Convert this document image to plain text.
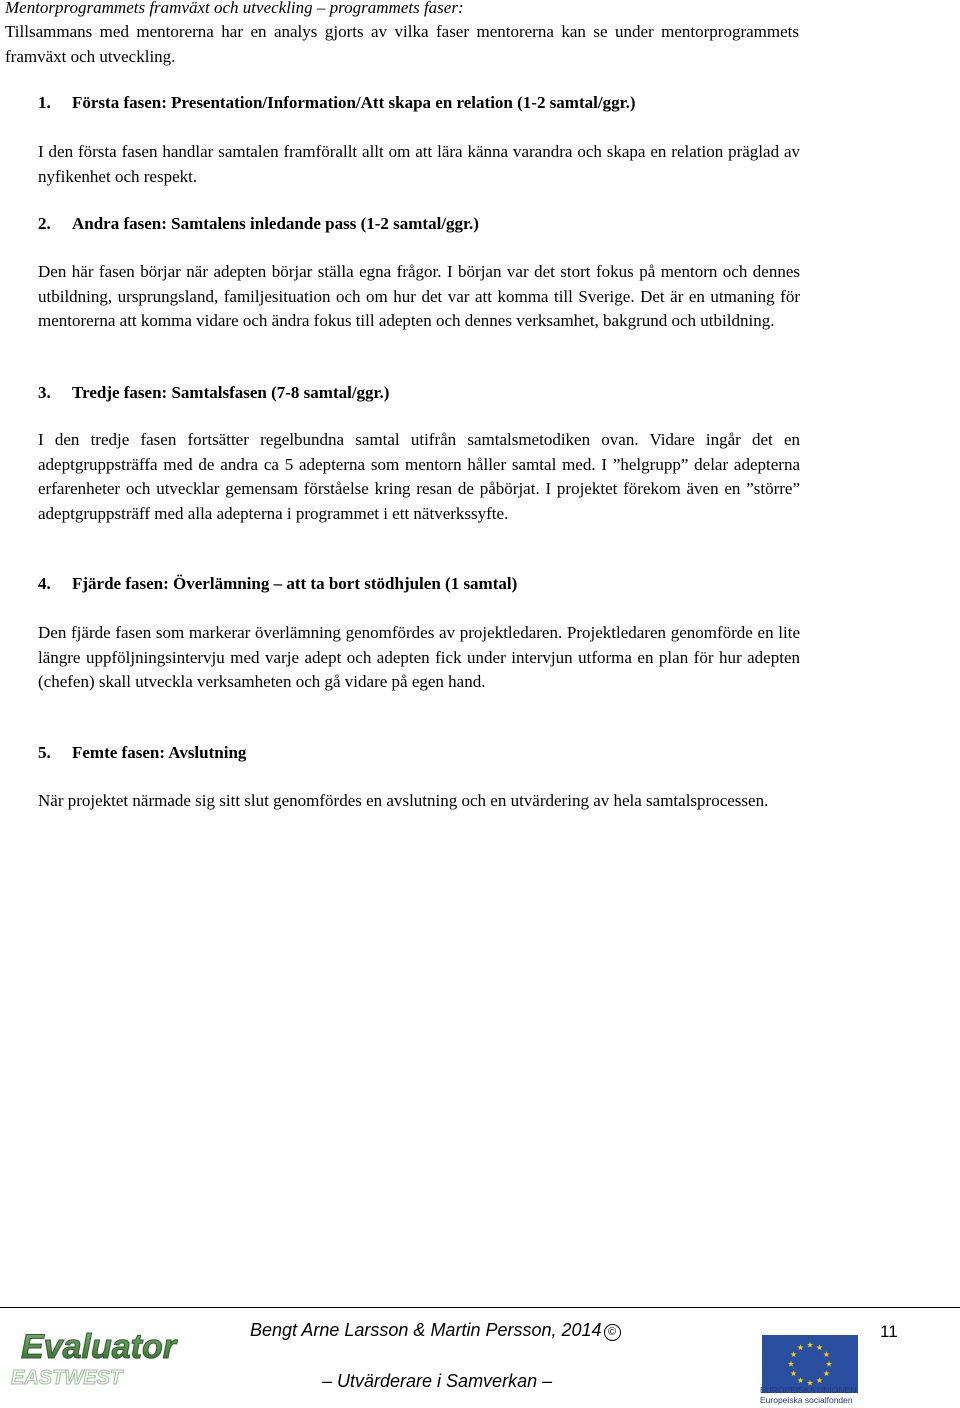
Mentorprogrammets framväxt och utveckling – programmets faser:
Tillsammans med mentorerna har en analys gjorts av vilka faser mentorerna kan se under mentorprogrammets framväxt och utveckling.
1. Första fasen: Presentation/Information/Att skapa en relation (1-2 samtal/ggr.)
I den första fasen handlar samtalen framförallt allt om att lära känna varandra och skapa en relation präglad av nyfikenhet och respekt.
2. Andra fasen: Samtalens inledande pass (1-2 samtal/ggr.)
Den här fasen börjar när adepten börjar ställa egna frågor. I början var det stort fokus på mentorn och dennes utbildning, ursprungsland, familjesituation och om hur det var att komma till Sverige. Det är en utmaning för mentorerna att komma vidare och ändra fokus till adepten och dennes verksamhet, bakgrund och utbildning.
3. Tredje fasen: Samtalsfasen (7-8 samtal/ggr.)
I den tredje fasen fortsätter regelbundna samtal utifrån samtalsmetodiken ovan. Vidare ingår det en adeptgruppsträffa med de andra ca 5 adepterna som mentorn håller samtal med. I ”helgrupp” delar adepterna erfarenheter och utvecklar gemensam förståelse kring resan de påbörjat. I projektet förekom även en ”större” adeptgruppsträff med alla adepterna i programmet i ett nätverkssyfte.
4. Fjärde fasen: Överlämning – att ta bort stödhjulen (1 samtal)
Den fjärde fasen som markerar överlämning genomfördes av projektledaren. Projektledaren genomförde en lite längre uppföljningsintervju med varje adept och adepten fick under intervjun utforma en plan för hur adepten (chefen) skall utveckla verksamheten och gå vidare på egen hand.
5. Femte fasen: Avslutning
När projektet närmade sig sitt slut genomfördes en avslutning och en utvärdering av hela samtalsprocessen.
Evaluator
EASTWEST
Bengt Arne Larsson & Martin Persson, 2014 ©
– Utvärderare i Samverkan –
11
EUROPEISKA UNIONEN
Europeiska socialfonden
